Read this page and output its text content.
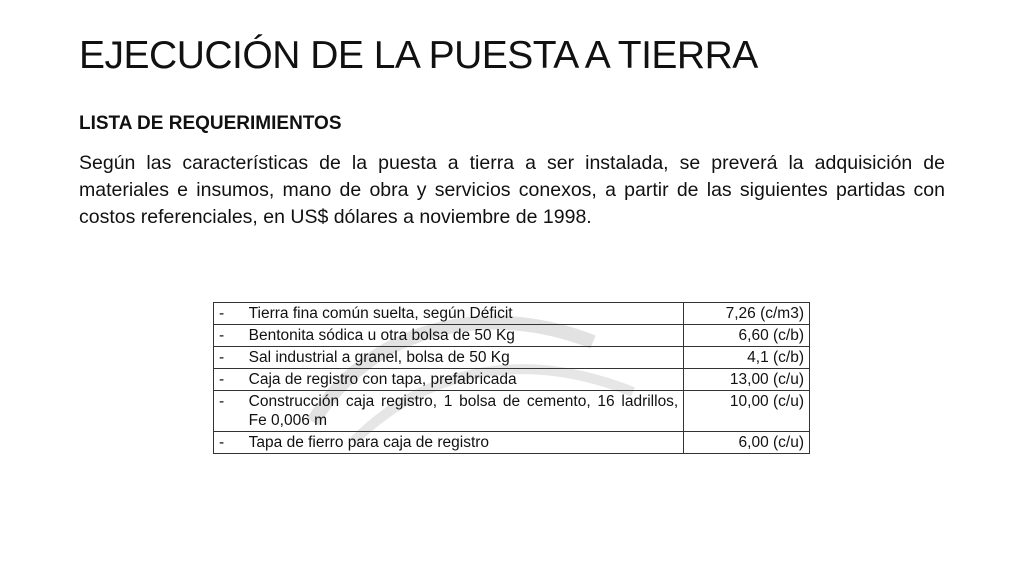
EJECUCIÓN DE LA PUESTA A TIERRA
LISTA DE REQUERIMIENTOS

Según las características de la puesta a tierra a ser instalada, se preverá la adquisición de materiales e insumos, mano de obra y servicios conexos, a partir de las siguientes partidas con costos referenciales, en US$ dólares a noviembre de 1998.

-	Tierra fina común suelta, según Déficit	7,26 (c/m3)
-	Bentonita sódica u otra bolsa de 50 Kg	6,60 (c/b)
-	Sal industrial a granel, bolsa de 50 Kg	4,1 (c/b)
-	Caja de registro con tapa, prefabricada	13,00 (c/u)
-	Construcción caja registro, 1 bolsa de cemento, 16 ladrillos, Fe 0,006 m	10,00 (c/u)
-	Tapa de fierro para caja de registro	6,00 (c/u)
